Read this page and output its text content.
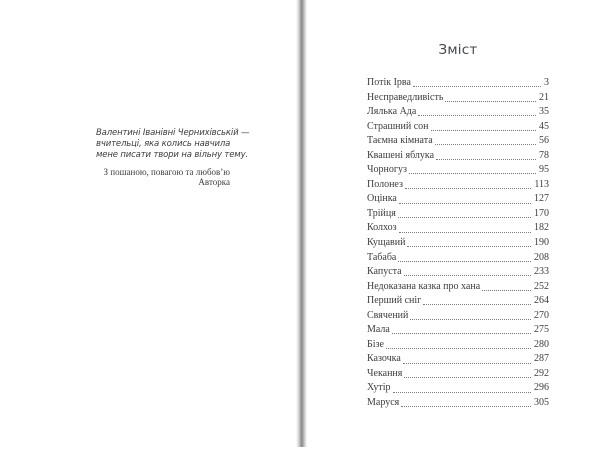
Валентині Іванівні Чернихівській —

вчительці, яка колись навчила

мене писати твори на вільну тему.

З пошаною, повагою та любов’ю

Авторка

Зміст
Потік Ірва	3
Несправедливість	21
Лялька Ада	35
Страшний сон	45
Таємна кімната	56
Квашені яблука	78
Чорногуз	95
Полонез	113
Оцінка	127
Трійця	170
Колхоз	182
Кущавий	190
Табаба	208
Капуста	233
Недоказана казка про хана	252
Перший сніг	264
Свячений	270
Мала	275
Бізе	280
Казочка	287
Чекання	292
Хутір	296
Маруся	305
